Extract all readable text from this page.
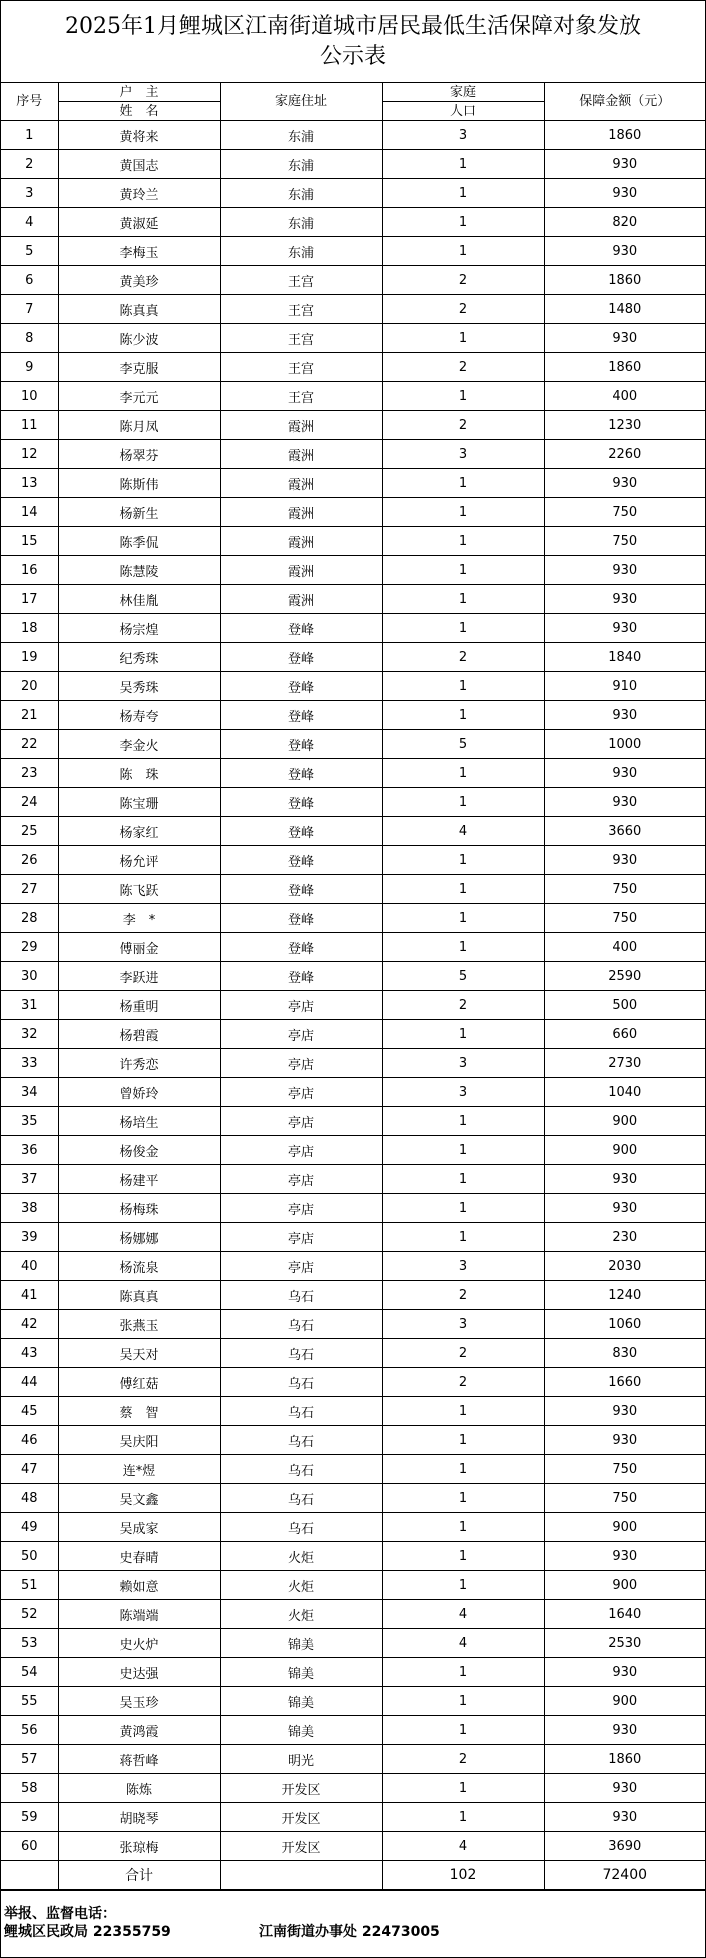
2025年1月鲤城区江南街道城市居民最低生活保障对象发放
公示表
序号	户　主	家庭住址	家庭	保障金额（元）
	姓　名		人口	
1	黄将来	东浦	3	1860
2	黄国志	东浦	1	930
3	黄玲兰	东浦	1	930
4	黄淑延	东浦	1	820
5	李梅玉	东浦	1	930
6	黄美珍	王宫	2	1860
7	陈真真	王宫	2	1480
8	陈少波	王宫	1	930
9	李克服	王宫	2	1860
10	李元元	王宫	1	400
11	陈月凤	霞洲	2	1230
12	杨翠芬	霞洲	3	2260
13	陈斯伟	霞洲	1	930
14	杨新生	霞洲	1	750
15	陈季侃	霞洲	1	750
16	陈慧陵	霞洲	1	930
17	林佳胤	霞洲	1	930
18	杨宗煌	登峰	1	930
19	纪秀珠	登峰	2	1840
20	吴秀珠	登峰	1	910
21	杨寿夸	登峰	1	930
22	李金火	登峰	5	1000
23	陈　珠	登峰	1	930
24	陈宝珊	登峰	1	930
25	杨家红	登峰	4	3660
26	杨允评	登峰	1	930
27	陈飞跃	登峰	1	750
28	李　*	登峰	1	750
29	傅丽金	登峰	1	400
30	李跃进	登峰	5	2590
31	杨重明	亭店	2	500
32	杨碧霞	亭店	1	660
33	许秀恋	亭店	3	2730
34	曾娇玲	亭店	3	1040
35	杨培生	亭店	1	900
36	杨俊金	亭店	1	900
37	杨建平	亭店	1	930
38	杨梅珠	亭店	1	930
39	杨娜娜	亭店	1	230
40	杨流泉	亭店	3	2030
41	陈真真	乌石	2	1240
42	张燕玉	乌石	3	1060
43	吴天对	乌石	2	830
44	傅红菇	乌石	2	1660
45	蔡　智	乌石	1	930
46	吴庆阳	乌石	1	930
47	连*煜	乌石	1	750
48	吴文鑫	乌石	1	750
49	吴成家	乌石	1	900
50	史春晴	火炬	1	930
51	赖如意	火炬	1	900
52	陈端端	火炬	4	1640
53	史火炉	锦美	4	2530
54	史达强	锦美	1	930
55	吴玉珍	锦美	1	900
56	黄鸿霞	锦美	1	930
57	蒋哲峰	明光	2	1860
58	陈炼	开发区	1	930
59	胡晓琴	开发区	1	930
60	张琼梅	开发区	4	3690
	合计		102	72400
举报、监督电话：
鲤城区民政局 22355759	江南街道办事处 22473005
